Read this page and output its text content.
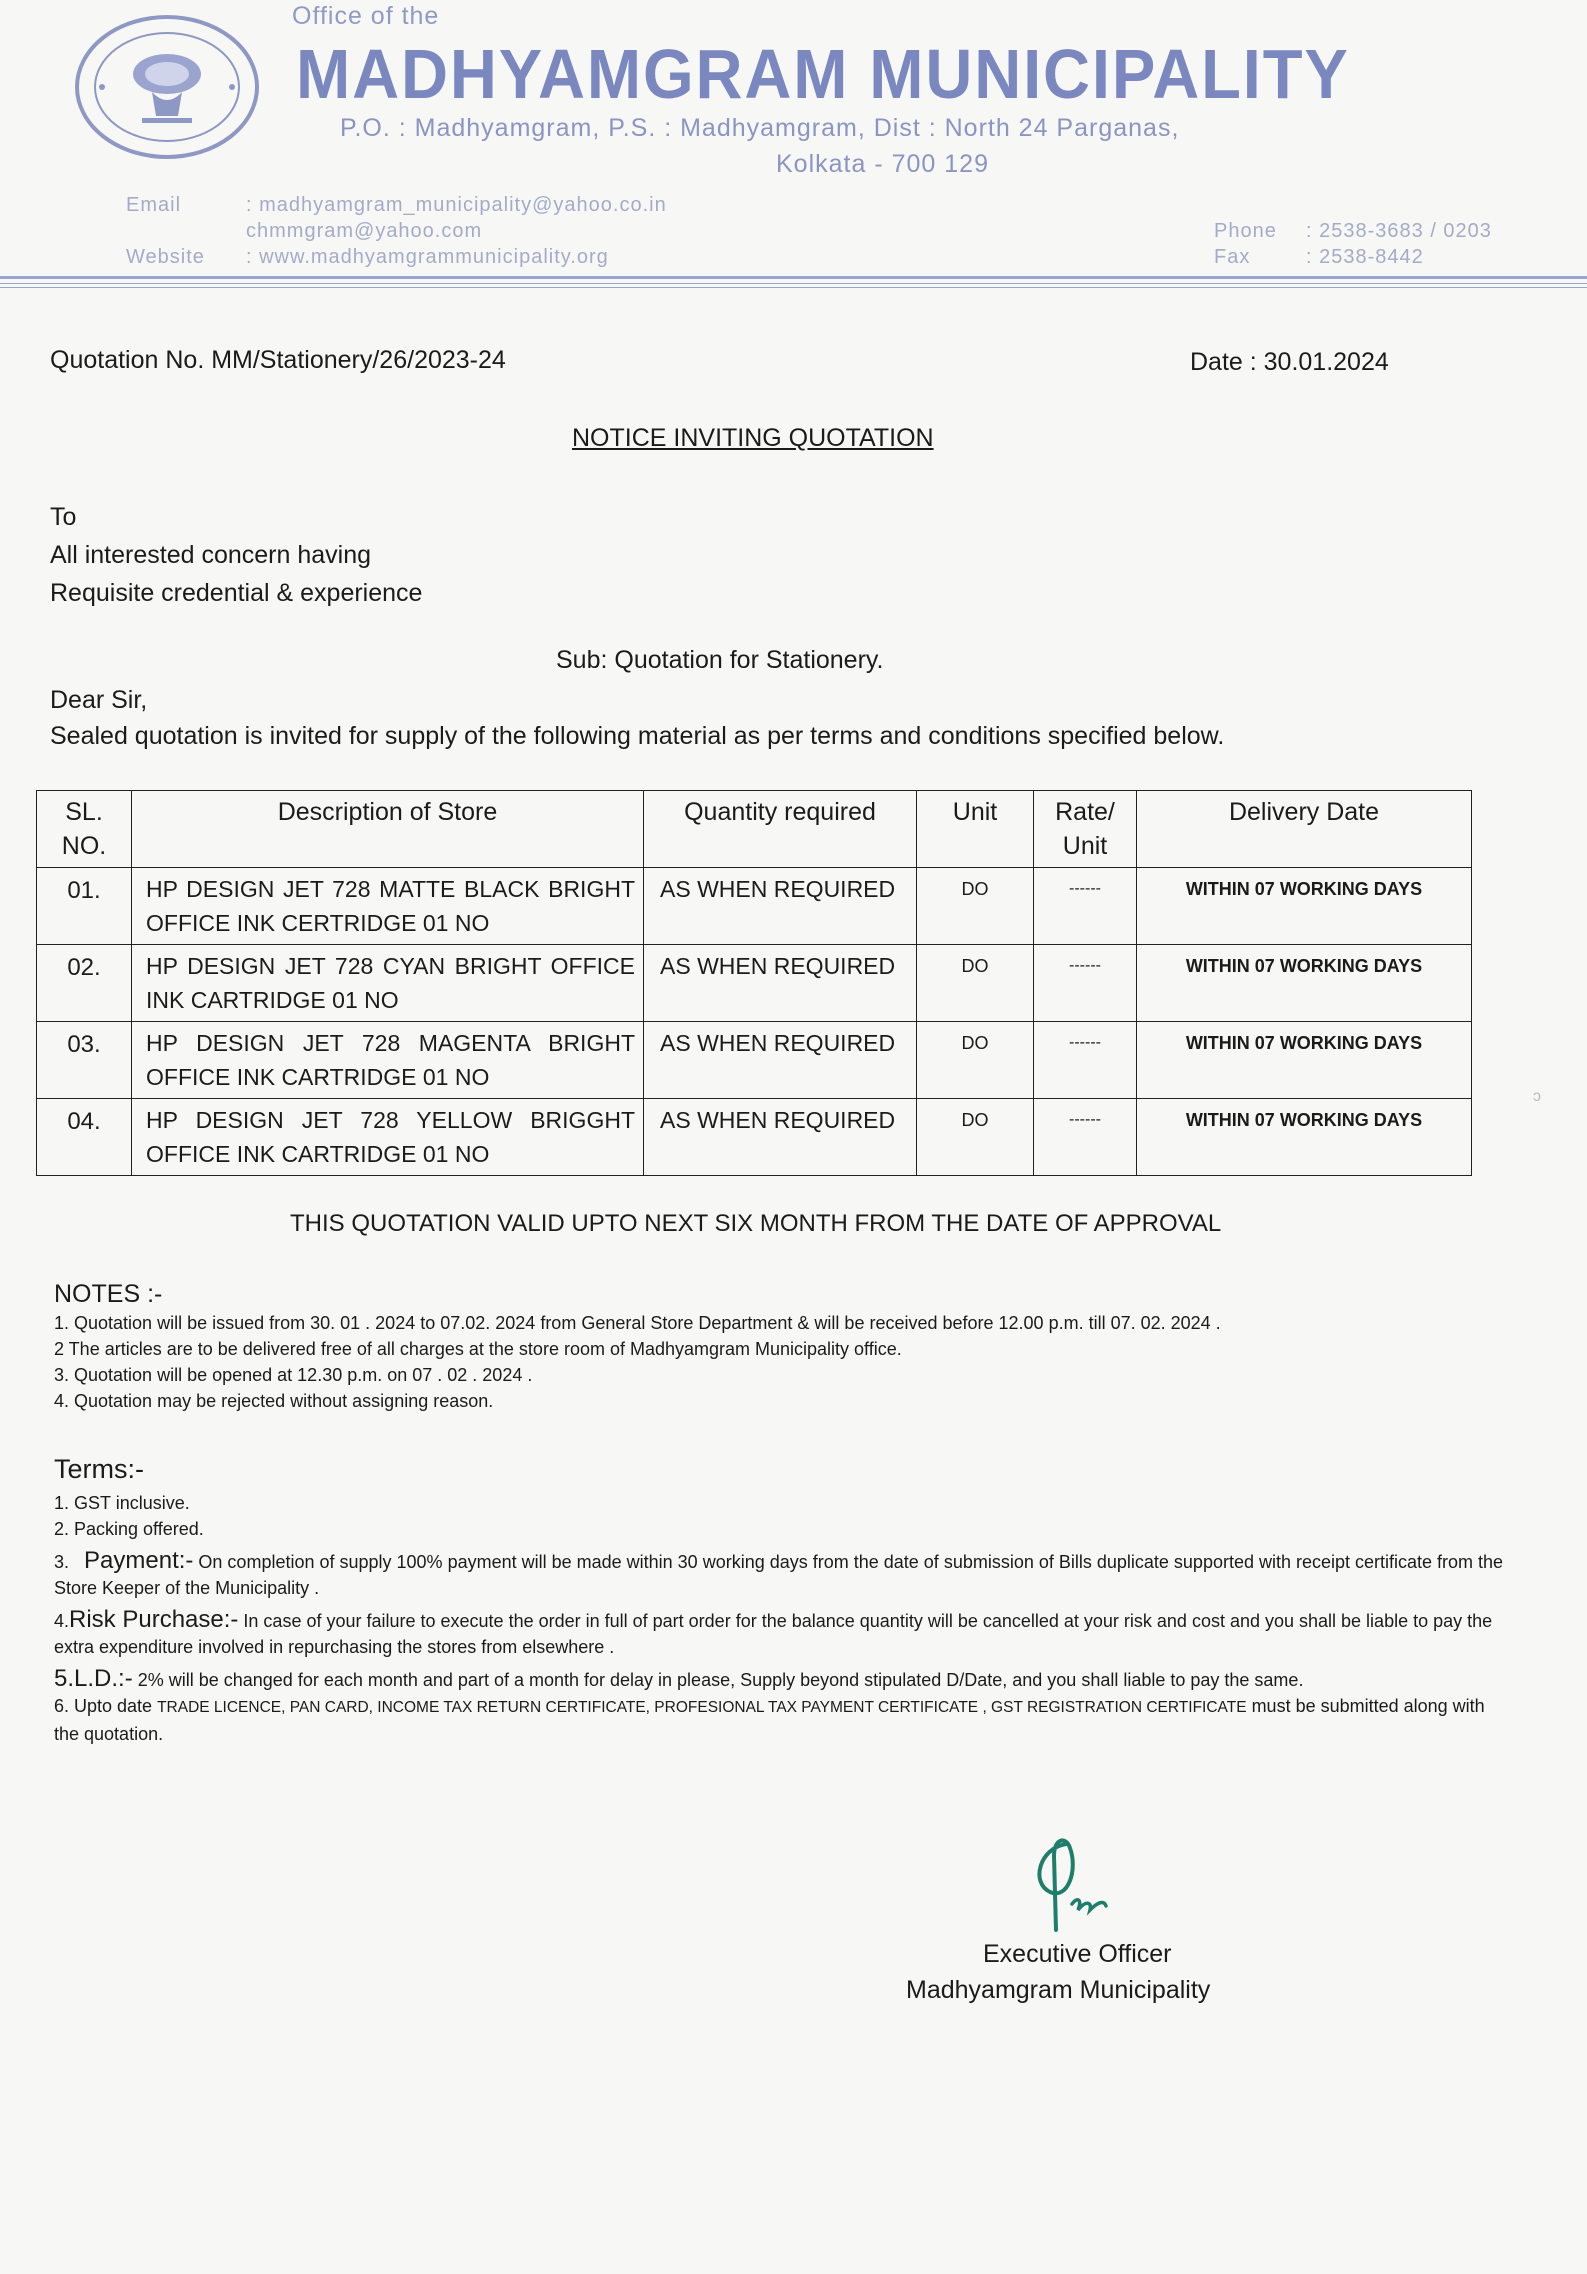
Office of the
MADHYAMGRAM MUNICIPALITY
P.O. : Madhyamgram, P.S. : Madhyamgram, Dist : North 24 Parganas,
Kolkata - 700 129
Email	: madhyamgram_municipality@yahoo.co.in
chmmgram@yahoo.com
Website : www.madhyamgrammunicipality.org
Phone : 2538-3683 / 0203
Fax	: 2538-8442
Quotation No. MM/Stationery/26/2023-24	Date : 30.01.2024
NOTICE INVITING QUOTATION
To
All interested concern having
Requisite credential & experience
Sub: Quotation for Stationery.
Dear Sir,
Sealed quotation is invited for supply of the following material as per terms and conditions specified below.
SL. NO.	Description of Store	Quantity required	Unit	Rate/ Unit	Delivery Date
01.	HP DESIGN JET 728 MATTE BLACK BRIGHT OFFICE INK CERTRIDGE 01 NO	AS WHEN REQUIRED	DO	------	WITHIN 07 WORKING DAYS
02.	HP DESIGN JET 728 CYAN BRIGHT OFFICE INK CARTRIDGE 01 NO	AS WHEN REQUIRED	DO	------	WITHIN 07 WORKING DAYS
03.	HP DESIGN JET 728 MAGENTA BRIGHT OFFICE INK CARTRIDGE 01 NO	AS WHEN REQUIRED	DO	------	WITHIN 07 WORKING DAYS
04.	HP DESIGN JET 728 YELLOW BRIGGHT OFFICE INK CARTRIDGE 01 NO	AS WHEN REQUIRED	DO	------	WITHIN 07 WORKING DAYS
ↄ
THIS QUOTATION VALID UPTO NEXT SIX MONTH FROM THE DATE OF APPROVAL
NOTES :-
1. Quotation will be issued from 30. 01 . 2024 to 07.02. 2024 from General Store Department & will be received before 12.00 p.m. till 07. 02. 2024 .
2 The articles are to be delivered free of all charges at the store room of Madhyamgram Municipality office.
3. Quotation will be opened at 12.30 p.m. on 07 . 02 . 2024 .
4. Quotation may be rejected without assigning reason.
Terms:-

1. GST inclusive.

2. Packing offered.

3. Payment:- On completion of supply 100% payment will be made within 30 working days from the date of submission of Bills duplicate supported with receipt certificate from the Store Keeper of the Municipality .

4.Risk Purchase:- In case of your failure to execute the order in full of part order for the balance quantity will be cancelled at your risk and cost and you shall be liable to pay the extra expenditure involved in repurchasing the stores from elsewhere .

5.L.D.:- 2% will be changed for each month and part of a month for delay in please, Supply beyond stipulated D/Date, and you shall liable to pay the same.

6. Upto date TRADE LICENCE, PAN CARD, INCOME TAX RETURN CERTIFICATE, PROFESIONAL TAX PAYMENT CERTIFICATE , GST REGISTRATION CERTIFICATE must be submitted along with the quotation.

Executive Officer
Madhyamgram Municipality
